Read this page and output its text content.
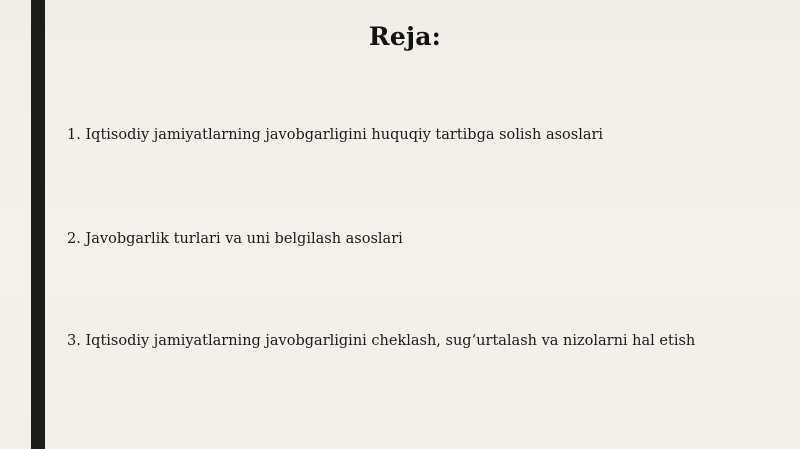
Reja:
1. Iqtisodiy jamiyatlarning javobgarligini huquqiy tartibga solish asoslari
2. Javobgarlik turlari va uni belgilash asoslari
3. Iqtisodiy jamiyatlarning javobgarligini cheklash, sug‘urtalash va nizolarni hal etish
